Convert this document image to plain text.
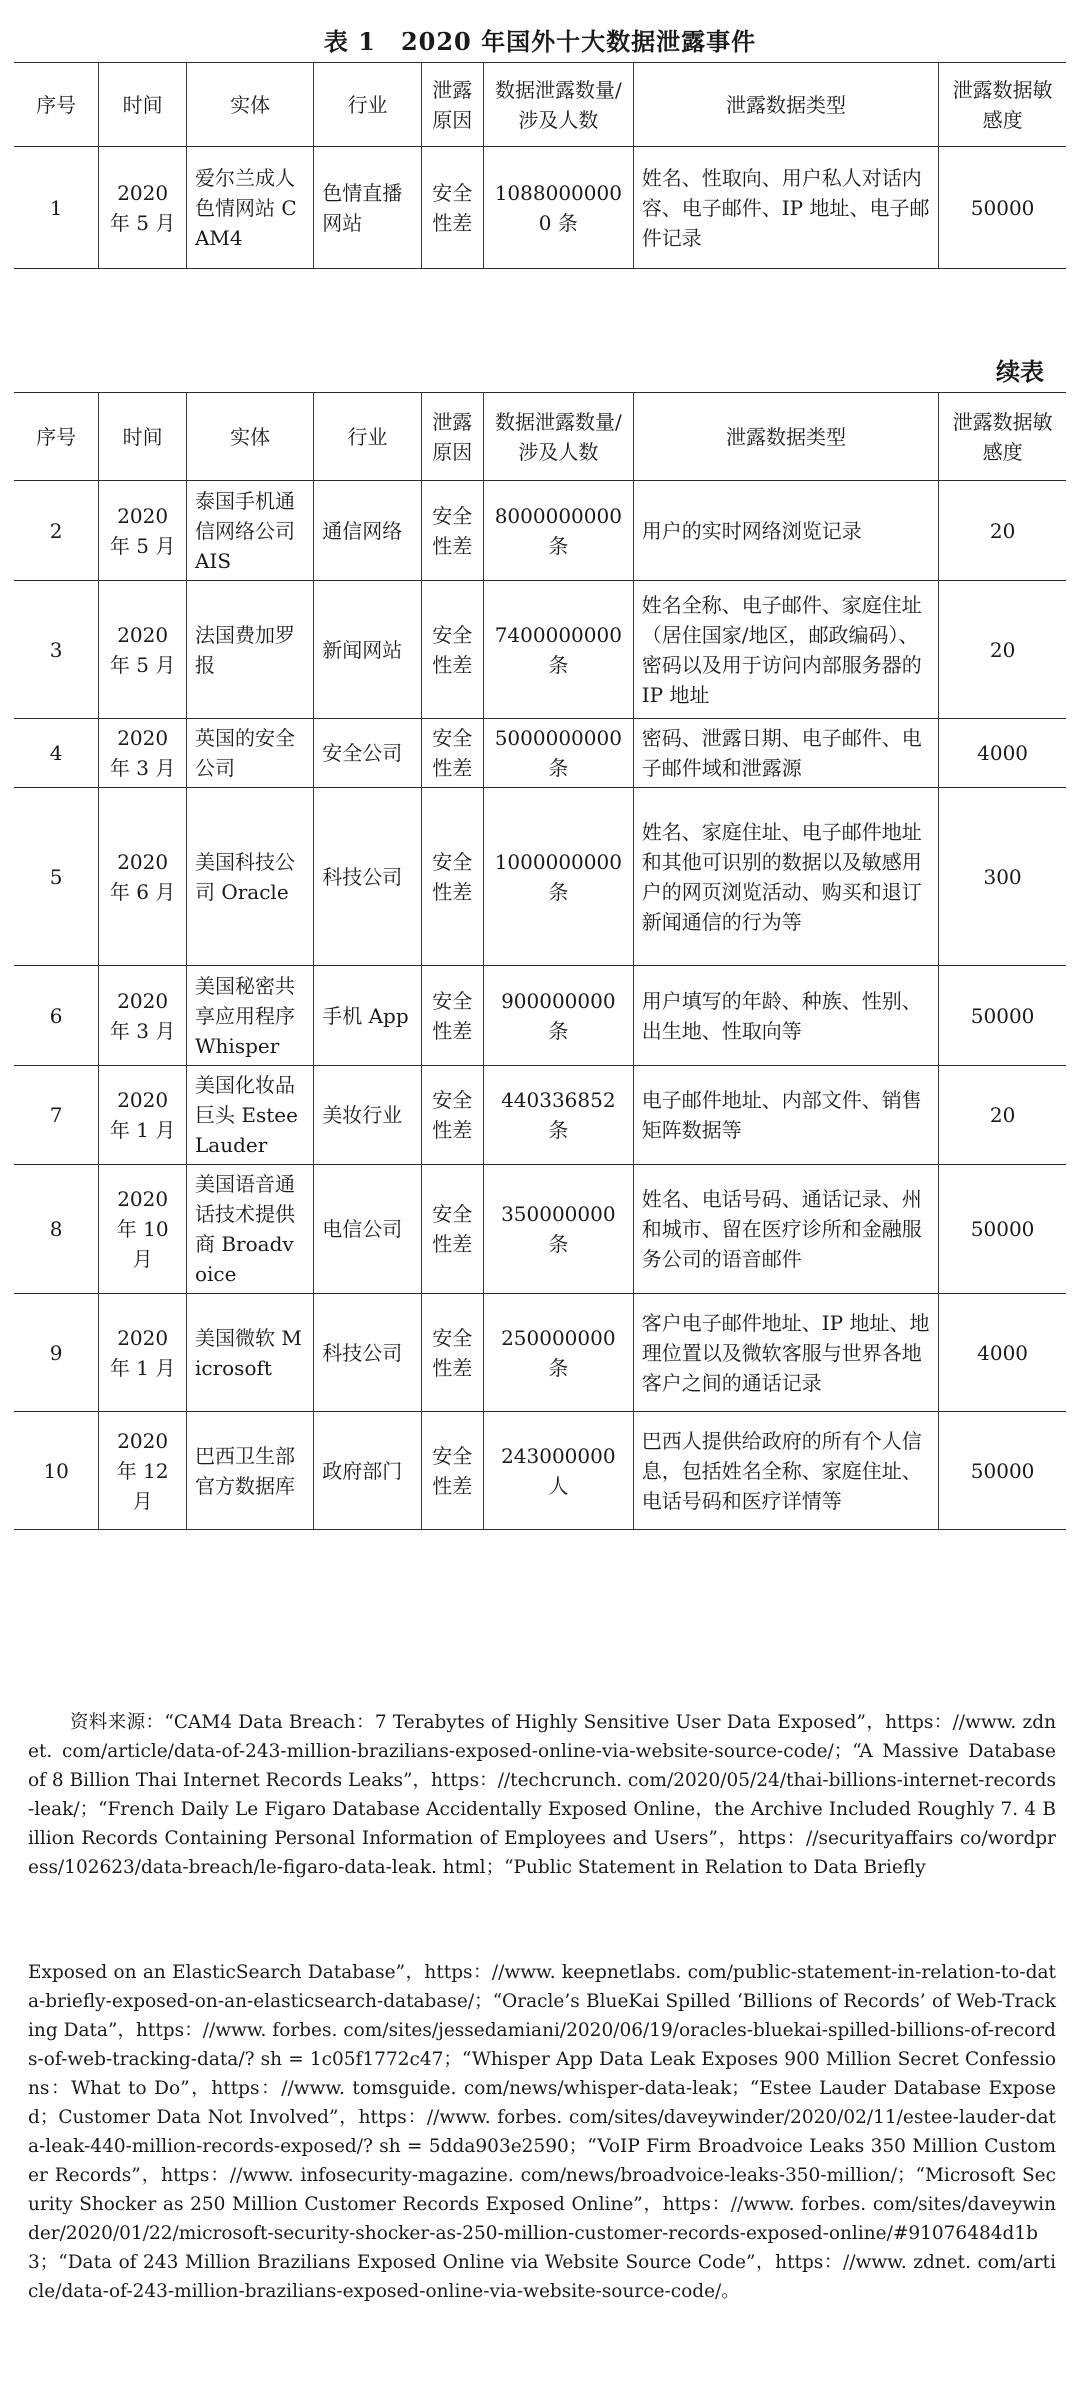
表 1　2020 年国外十大数据泄露事件
序号	时间	实体	行业	泄露原因	数据泄露数量/涉及人数	泄露数据类型	泄露数据敏感度
1	2020 年 5 月	爱尔兰成人色情网站 CAM4	色情直播网站	安全性差	10880000000 条	姓名、性取向、用户私人对话内容、电子邮件、IP 地址、电子邮件记录	50000
续表
序号	时间	实体	行业	泄露原因	数据泄露数量/涉及人数	泄露数据类型	泄露数据敏感度
2	2020 年 5 月	泰国手机通信网络公司 AIS	通信网络	安全性差	8000000000 条	用户的实时网络浏览记录	20
3	2020 年 5 月	法国费加罗报	新闻网站	安全性差	7400000000 条	姓名全称、电子邮件、家庭住址（居住国家/地区，邮政编码）、密码以及用于访问内部服务器的 IP 地址	20
4	2020 年 3 月	英国的安全公司	安全公司	安全性差	5000000000 条	密码、泄露日期、电子邮件、电子邮件域和泄露源	4000
5	2020 年 6 月	美国科技公司 Oracle	科技公司	安全性差	1000000000 条	姓名、家庭住址、电子邮件地址和其他可识别的数据以及敏感用户的网页浏览活动、购买和退订新闻通信的行为等	300
6	2020 年 3 月	美国秘密共享应用程序 Whisper	手机 App	安全性差	900000000 条	用户填写的年龄、种族、性别、出生地、性取向等	50000
7	2020 年 1 月	美国化妆品巨头 Estee Lauder	美妆行业	安全性差	440336852 条	电子邮件地址、内部文件、销售矩阵数据等	20
8	2020 年 10 月	美国语音通话技术提供商 Broadvoice	电信公司	安全性差	350000000 条	姓名、电话号码、通话记录、州和城市、留在医疗诊所和金融服务公司的语音邮件	50000
9	2020 年 1 月	美国微软 Microsoft	科技公司	安全性差	250000000 条	客户电子邮件地址、IP 地址、地理位置以及微软客服与世界各地客户之间的通话记录	4000
10	2020 年 12 月	巴西卫生部官方数据库	政府部门	安全性差	243000000 人	巴西人提供给政府的所有个人信息，包括姓名全称、家庭住址、电话号码和医疗详情等	50000
资料来源：“CAM4 Data Breach：7 Terabytes of Highly Sensitive User Data Exposed”，https：//www. zdnet. com/article/data-of-243-million-brazilians-exposed-online-via-website-source-code/；“A Massive Database of 8 Billion Thai Internet Records Leaks”，https：//techcrunch. com/2020/05/24/thai-billions-internet-records-leak/；“French Daily Le Figaro Database Accidentally Exposed Online，the Archive Included Roughly 7. 4 Billion Records Containing Personal Information of Employees and Users”，https：//securityaffairs co/wordpress/102623/data-breach/le-figaro-data-leak. html；“Public Statement in Relation to Data Briefly
Exposed on an ElasticSearch Database”，https：//www. keepnetlabs. com/public-statement-in-relation-to-data-briefly-exposed-on-an-elasticsearch-database/；“Oracle’s BlueKai Spilled ‘Billions of Records’ of Web-Tracking Data”，https：//www. forbes. com/sites/jessedamiani/2020/06/19/oracles-bluekai-spilled-billions-of-records-of-web-tracking-data/? sh = 1c05f1772c47；“Whisper App Data Leak Exposes 900 Million Secret Confessions：What to Do”，https：//www. tomsguide. com/news/whisper-data-leak；“Estee Lauder Database Exposed；Customer Data Not Involved”，https：//www. forbes. com/sites/daveywinder/2020/02/11/estee-lauder-data-leak-440-million-records-exposed/? sh = 5dda903e2590；“VoIP Firm Broadvoice Leaks 350 Million Customer Records”，https：//www. infosecurity-magazine. com/news/broadvoice-leaks-350-million/；“Microsoft Security Shocker as 250 Million Customer Records Exposed Online”，https：//www. forbes. com/sites/daveywinder/2020/01/22/microsoft-security-shocker-as-250-million-customer-records-exposed-online/#91076484d1b3；“Data of 243 Million Brazilians Exposed Online via Website Source Code”，https：//www. zdnet. com/article/data-of-243-million-brazilians-exposed-online-via-website-source-code/。
